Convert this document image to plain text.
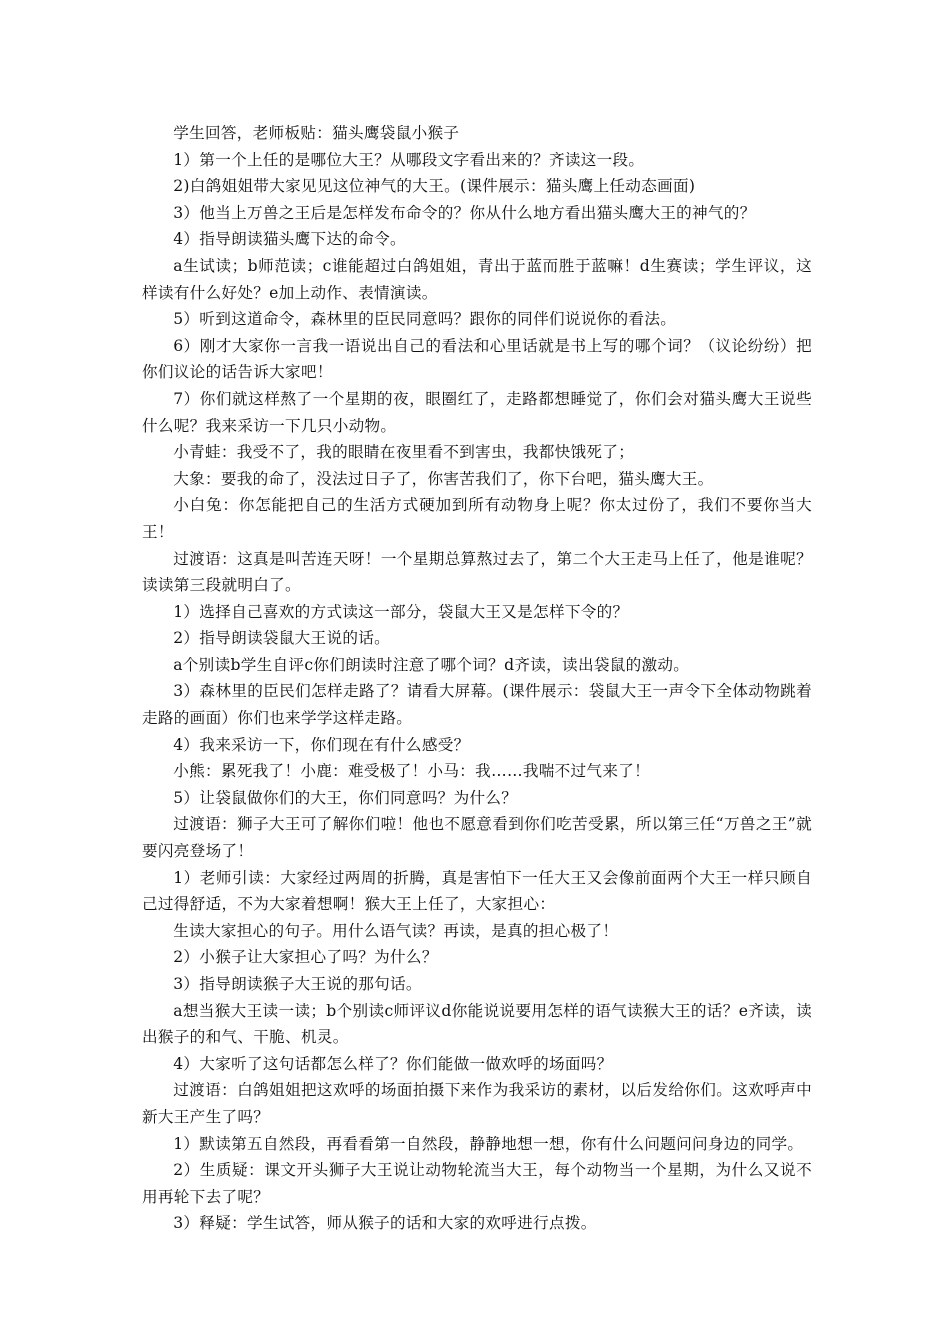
学生回答，老师板贴：猫头鹰袋鼠小猴子

1）第一个上任的是哪位大王？从哪段文字看出来的？齐读这一段。

2)白鸽姐姐带大家见见这位神气的大王。(课件展示：猫头鹰上任动态画面)

3）他当上万兽之王后是怎样发布命令的？你从什么地方看出猫头鹰大王的神气的？

4）指导朗读猫头鹰下达的命令。

a生试读；b师范读；c谁能超过白鸽姐姐，青出于蓝而胜于蓝嘛！d生赛读；学生评议，这样读有什么好处？e加上动作、表情演读。

5）听到这道命令，森林里的臣民同意吗？跟你的同伴们说说你的看法。

6）刚才大家你一言我一语说出自己的看法和心里话就是书上写的哪个词？（议论纷纷）把你们议论的话告诉大家吧！

7）你们就这样熬了一个星期的夜，眼圈红了，走路都想睡觉了，你们会对猫头鹰大王说些什么呢？我来采访一下几只小动物。

小青蛙：我受不了，我的眼睛在夜里看不到害虫，我都快饿死了；

大象：要我的命了，没法过日子了，你害苦我们了，你下台吧，猫头鹰大王。

小白兔：你怎能把自己的生活方式硬加到所有动物身上呢？你太过份了，我们不要你当大王！

过渡语：这真是叫苦连天呀！一个星期总算熬过去了，第二个大王走马上任了，他是谁呢？读读第三段就明白了。

1）选择自己喜欢的方式读这一部分，袋鼠大王又是怎样下令的？

2）指导朗读袋鼠大王说的话。

a个别读b学生自评c你们朗读时注意了哪个词？d齐读，读出袋鼠的激动。

3）森林里的臣民们怎样走路了？请看大屏幕。(课件展示：袋鼠大王一声令下全体动物跳着走路的画面）你们也来学学这样走路。

4）我来采访一下，你们现在有什么感受？

小熊：累死我了！小鹿：难受极了！小马：我……我喘不过气来了！

5）让袋鼠做你们的大王，你们同意吗？为什么？

过渡语：狮子大王可了解你们啦！他也不愿意看到你们吃苦受累，所以第三任“万兽之王”就要闪亮登场了！

1）老师引读：大家经过两周的折腾，真是害怕下一任大王又会像前面两个大王一样只顾自己过得舒适，不为大家着想啊！猴大王上任了，大家担心：

生读大家担心的句子。用什么语气读？再读，是真的担心极了！

2）小猴子让大家担心了吗？为什么？

3）指导朗读猴子大王说的那句话。

a想当猴大王读一读；b个别读c师评议d你能说说要用怎样的语气读猴大王的话？e齐读，读出猴子的和气、干脆、机灵。

4）大家听了这句话都怎么样了？你们能做一做欢呼的场面吗？

过渡语：白鸽姐姐把这欢呼的场面拍摄下来作为我采访的素材，以后发给你们。这欢呼声中新大王产生了吗？

1）默读第五自然段，再看看第一自然段，静静地想一想，你有什么问题问问身边的同学。

2）生质疑：课文开头狮子大王说让动物轮流当大王，每个动物当一个星期，为什么又说不用再轮下去了呢？

3）释疑：学生试答，师从猴子的话和大家的欢呼进行点拨。
